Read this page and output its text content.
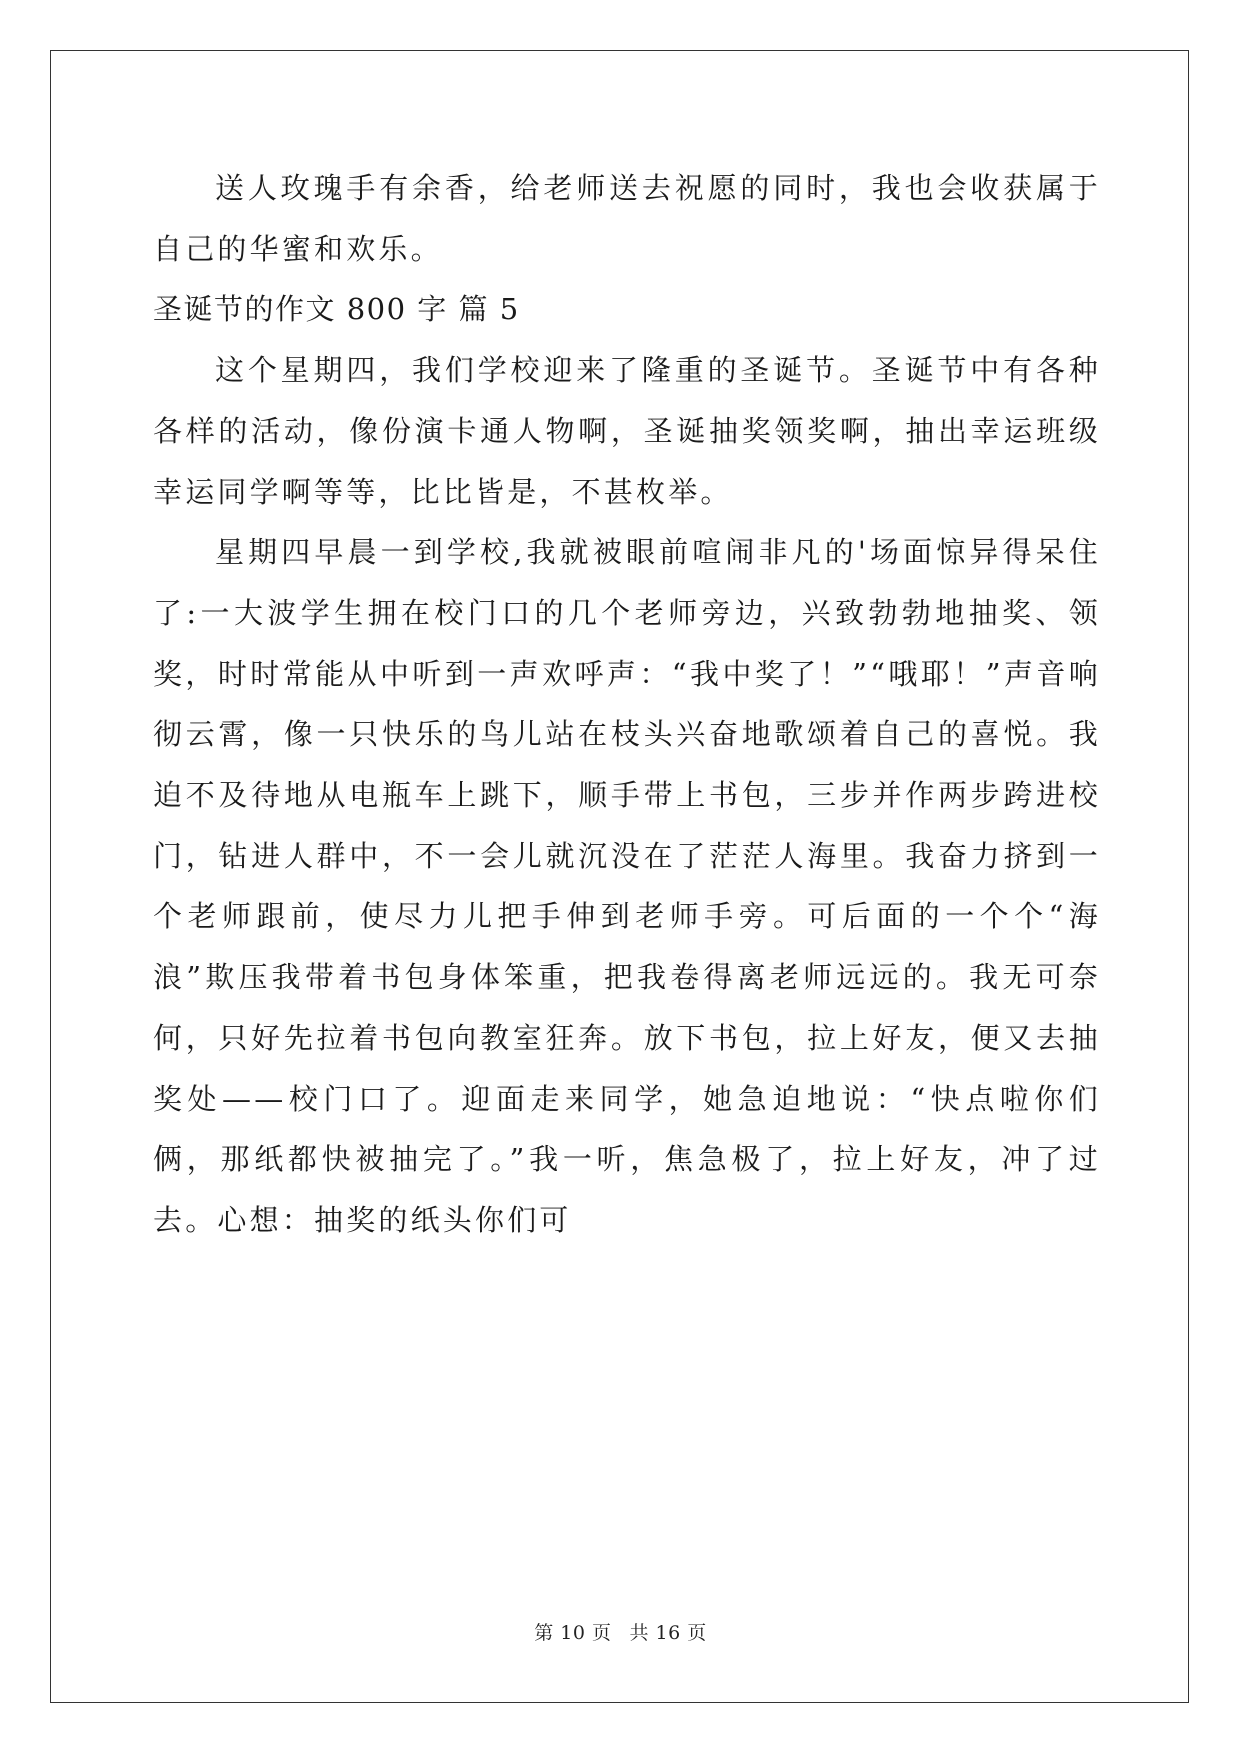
送人玫瑰手有余香，给老师送去祝愿的同时，我也会收获属于自己的华蜜和欢乐。

圣诞节的作文 800 字 篇 5

这个星期四，我们学校迎来了隆重的圣诞节。圣诞节中有各种各样的活动，像份演卡通人物啊，圣诞抽奖领奖啊，抽出幸运班级幸运同学啊等等，比比皆是，不甚枚举。

星期四早晨一到学校,我就被眼前喧闹非凡的'场面惊异得呆住了:一大波学生拥在校门口的几个老师旁边，兴致勃勃地抽奖、领奖，时时常能从中听到一声欢呼声：“我中奖了！”“哦耶！”声音响彻云霄，像一只快乐的鸟儿站在枝头兴奋地歌颂着自己的喜悦。我迫不及待地从电瓶车上跳下，顺手带上书包，三步并作两步跨进校门，钻进人群中，不一会儿就沉没在了茫茫人海里。我奋力挤到一个老师跟前，使尽力儿把手伸到老师手旁。可后面的一个个“海浪”欺压我带着书包身体笨重，把我卷得离老师远远的。我无可奈何，只好先拉着书包向教室狂奔。放下书包，拉上好友，便又去抽奖处——校门口了。迎面走来同学，她急迫地说：“快点啦你们俩，那纸都快被抽完了。”我一听，焦急极了，拉上好友，冲了过去。心想：抽奖的纸头你们可

第 10 页 共 16 页
